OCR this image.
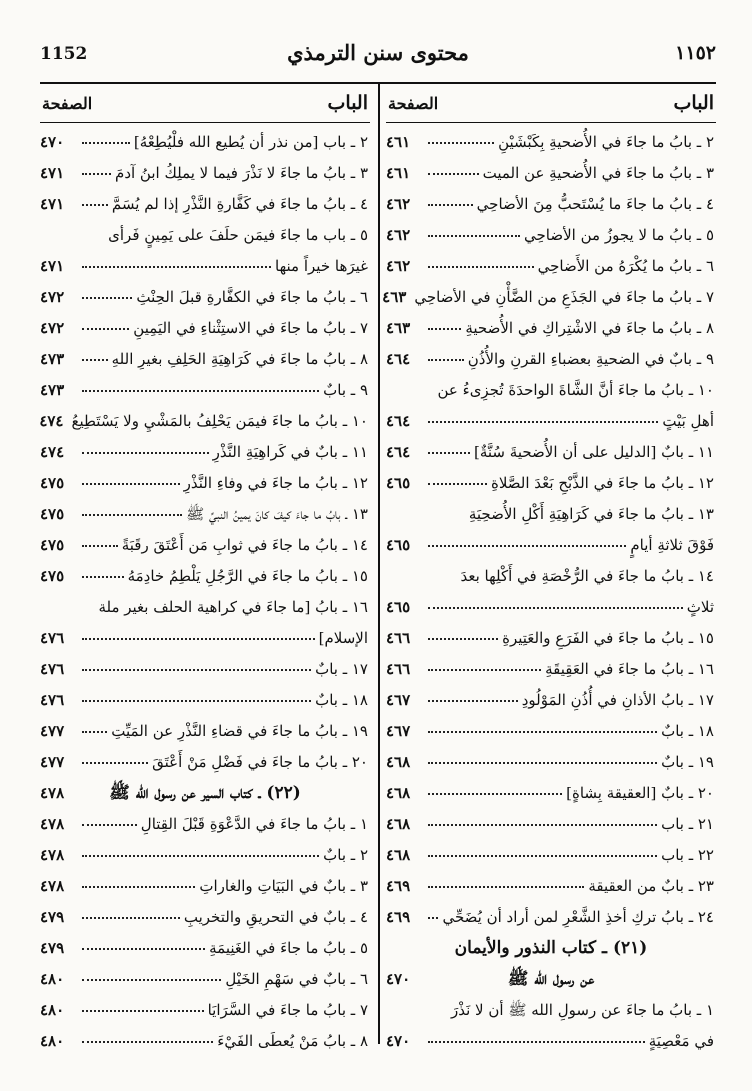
1152	محتوى سنن الترمذي	١١٥٢
الباب
الصفحة
٢ ـ بابُ ما جاءَ في الأُضحيةِ بِكَبْشَيْنِ
٤٦١
٣ ـ بابُ ما جاءَ في الأُضحيةِ عن الميت
٤٦١
٤ ـ بابُ ما جاءَ ما يُسْتَحبُّ مِنَ الأضاحِي
٤٦٢
٥ ـ بابُ ما لا يجوزُ من الأضاحِي
٤٦٢
٦ ـ بابُ ما يُكْرَهُ من الأَضاحِي
٤٦٢
٧ ـ بابُ ما جاءَ في الجَذَعِ من الضَّأْنِ في الأضاحِي
٤٦٣
٨ ـ بابُ ما جاءَ في الاشْتِراكِ في الأُضحيةِ
٤٦٣
٩ ـ بابٌ في الضحيةِ بعضباءِ القرنِ والأُذُنِ
٤٦٤
١٠ ـ بابُ ما جاءَ أنَّ الشَّاةَ الواحدَةَ تُجزِىءُ عن
أهلِ بَيْتٍ
٤٦٤
١١ ـ بابٌ [الدليل على أن الأُضحيةَ سُنَّةٌ]
٤٦٤
١٢ ـ بابُ ما جاءَ في الذَّبْحِ بَعْدَ الصَّلاةِ
٤٦٥
١٣ ـ بابُ ما جاءَ في كَرَاهِيَةِ أَكْلِ الأُضحِيَةِ
فَوْقَ ثلاثةِ أيامٍ
٤٦٥
١٤ ـ بابُ ما جاءَ في الرُّخْصَةِ في أَكْلِها بعدَ
ثلاثٍ
٤٦٥
١٥ ـ بابُ ما جاءَ في الفَرَعِ والعَتِيرةِ
٤٦٦
١٦ ـ بابُ ما جاءَ في العَقِيقَةِ
٤٦٦
١٧ ـ بابُ الأذانِ في أُذُنِ المَوْلُودِ
٤٦٧
١٨ ـ بابٌ
٤٦٧
١٩ ـ بابٌ
٤٦٨
٢٠ ـ بابٌ [العقيقة بِشاةٍ]
٤٦٨
٢١ ـ باب
٤٦٨
٢٢ ـ باب
٤٦٨
٢٣ ـ بابٌ من العقيقة
٤٦٩
٢٤ ـ بابُ تركِ أخذِ الشَّعْرِ لمن أراد أن يُضَحِّي
٤٦٩
(٢١) ـ كتاب النذور والأيمان
عن رسول الله ﷺ
٤٧٠
١ ـ بابُ ما جاءَ عن رسولِ الله ﷺ أن لا نَذْرَ
في مَعْصِيَةٍ
٤٧٠
الباب
الصفحة
٢ ـ باب [من نذر أن يُطيع الله فلْيُطِعْهُ]
٤٧٠
٣ ـ بابُ ما جاءَ لا نَذْرَ فيما لا يملِكُ ابنُ آدمَ
٤٧١
٤ ـ بابُ ما جاءَ في كَفَّارةِ النَّذْرِ إذا لم يُسَمَّ
٤٧١
٥ ـ باب ما جاءَ فيمَن حلَفَ على يَمِينٍ فَرأى
غيرَها خيراً منها
٤٧١
٦ ـ بابُ ما جاءَ في الكفَّارةِ قبلَ الحِنْثِ
٤٧٢
٧ ـ بابُ ما جاءَ في الاستِثْناءِ في اليَمِينِ
٤٧٢
٨ ـ بابُ ما جاءَ في كَرَاهِيَةِ الحَلِفِ بغيرِ اللهِ
٤٧٣
٩ ـ بابٌ
٤٧٣
١٠ ـ بابُ ما جاءَ فيمَن يَحْلِفُ بالمَشْيِ ولا يَسْتَطِيعُ
٤٧٤
١١ ـ بابٌ في كَراهِيَةِ النَّذْرِ
٤٧٤
١٢ ـ بابُ ما جاءَ في وفاءِ النَّذْرِ
٤٧٥
١٣ ـ بابُ ما جاءَ كيفَ كانَ يمينُ النبيِّ ﷺ
٤٧٥
١٤ ـ بابُ ما جاءَ في ثوابِ مَن أَعْتَقَ رقَبَةً
٤٧٥
١٥ ـ بابُ ما جاءَ في الرَّجُلِ يَلْطِمُ خادِمَهُ
٤٧٥
١٦ ـ بابُ [ما جاءَ في كراهية الحلف بغير ملة
الإسلام]
٤٧٦
١٧ ـ بابٌ
٤٧٦
١٨ ـ بابٌ
٤٧٦
١٩ ـ بابُ ما جاءَ في قضاءِ النَّذْرِ عن المَيِّتِ
٤٧٧
٢٠ ـ بابُ ما جاءَ في فَضْلِ مَنْ أَعْتَقَ
٤٧٧
(٢٢) ـ كتاب السير عن رسول الله ﷺ
٤٧٨
١ ـ بابُ ما جاءَ في الدَّعْوَةِ قَبْلَ القِتالِ
٤٧٨
٢ ـ بابٌ
٤٧٨
٣ ـ بابٌ في البَيَاتِ والغاراتِ
٤٧٨
٤ ـ بابٌ في التحريقِ والتخريبِ
٤٧٩
٥ ـ بابُ ما جاءَ في الغَنِيمَةِ
٤٧٩
٦ ـ بابٌ في سَهْمِ الخَيْلِ
٤٨٠
٧ ـ بابُ ما جاءَ في السَّرَايَا
٤٨٠
٨ ـ بابُ مَنْ يُعطَى الفَيْءَ
٤٨٠
